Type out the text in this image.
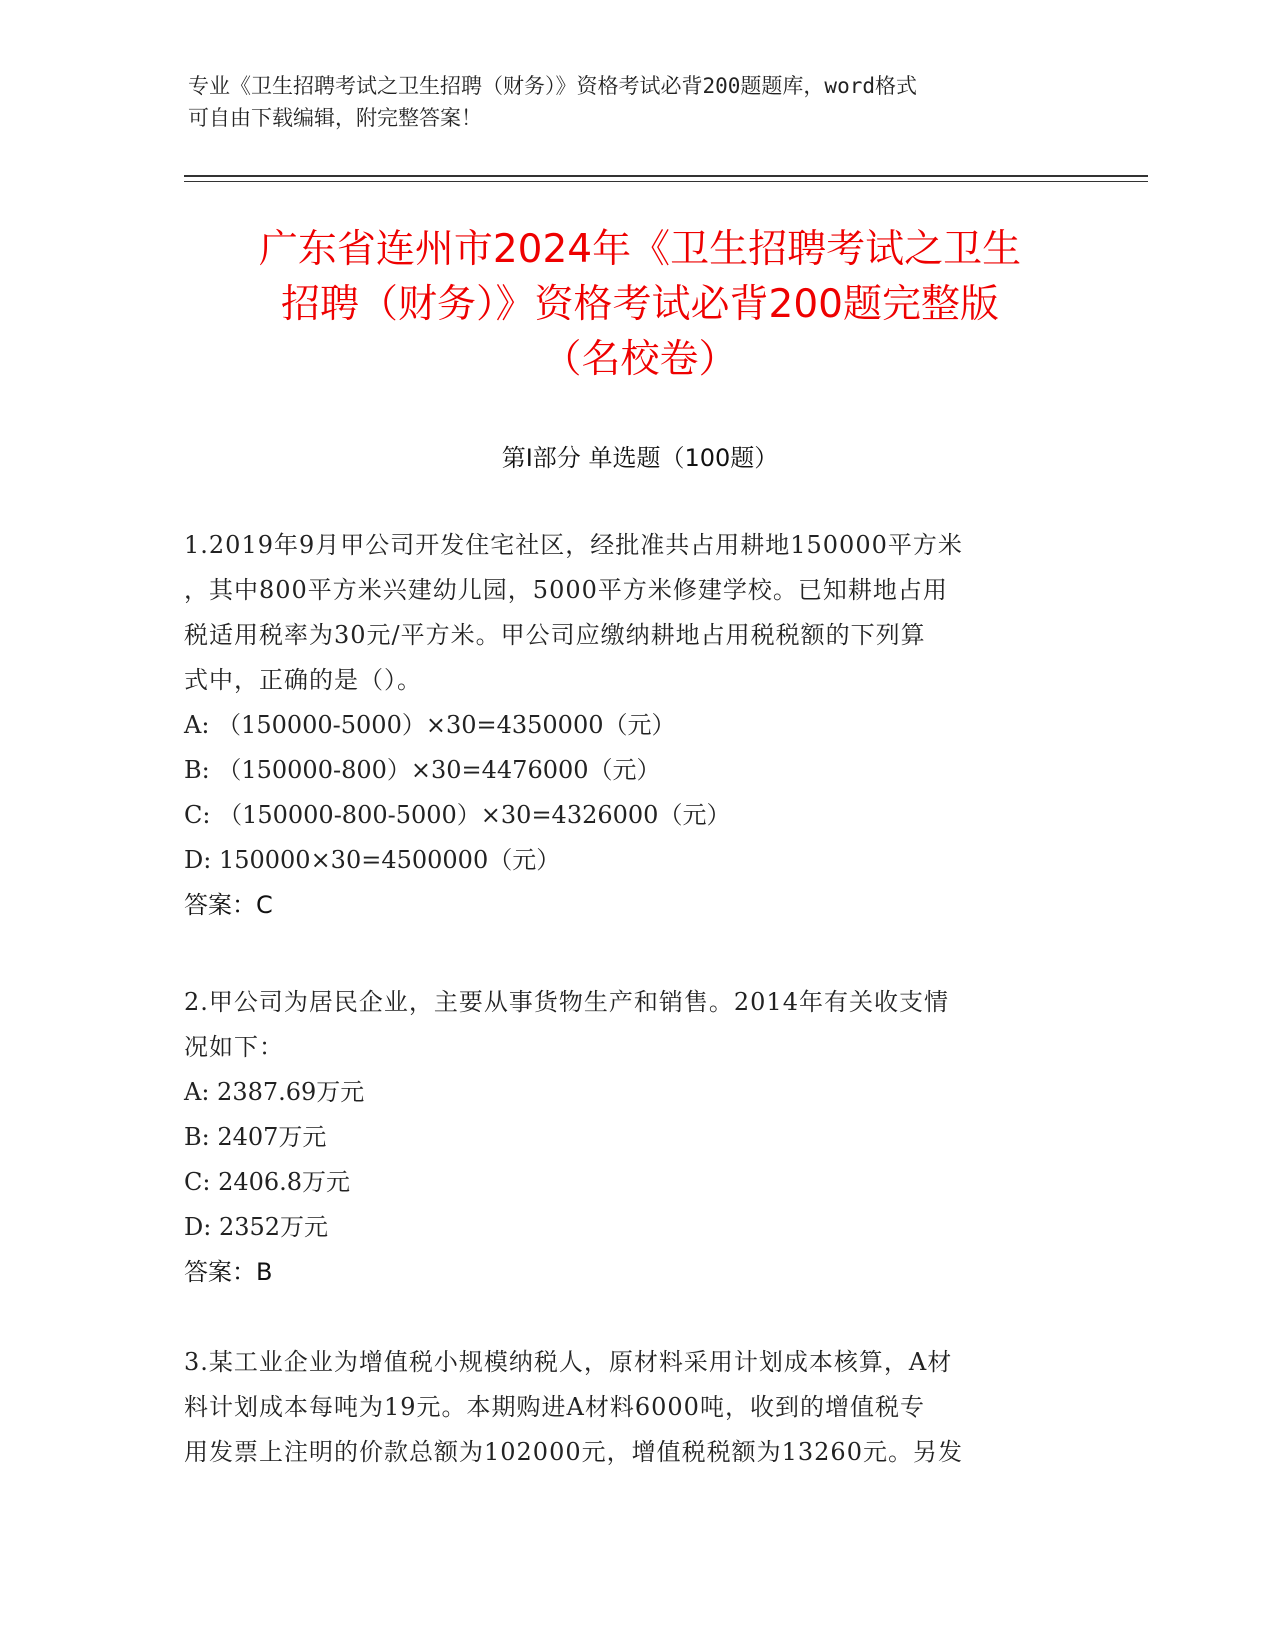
专业《卫生招聘考试之卫生招聘（财务）》资格考试必背200题题库，word格式
可自由下载编辑，附完整答案！
广东省连州市2024年《卫生招聘考试之卫生
招聘（财务）》资格考试必背200题完整版
（名校卷）
第Ⅰ部分 单选题（100题）
1.2019年9月甲公司开发住宅社区，经批准共占用耕地150000平方米
，其中800平方米兴建幼儿园，5000平方米修建学校。已知耕地占用
税适用税率为30元/平方米。甲公司应缴纳耕地占用税税额的下列算
式中，正确的是（）。
A: （150000-5000）×30=4350000（元）
B: （150000-800）×30=4476000（元）
C: （150000-800-5000）×30=4326000（元）
D: 150000×30=4500000（元）
答案：C
2.甲公司为居民企业，主要从事货物生产和销售。2014年有关收支情
况如下：
A: 2387.69万元
B: 2407万元
C: 2406.8万元
D: 2352万元
答案：B
3.某工业企业为增值税小规模纳税人，原材料采用计划成本核算，A材
料计划成本每吨为19元。本期购进A材料6000吨，收到的增值税专
用发票上注明的价款总额为102000元，增值税税额为13260元。另发
